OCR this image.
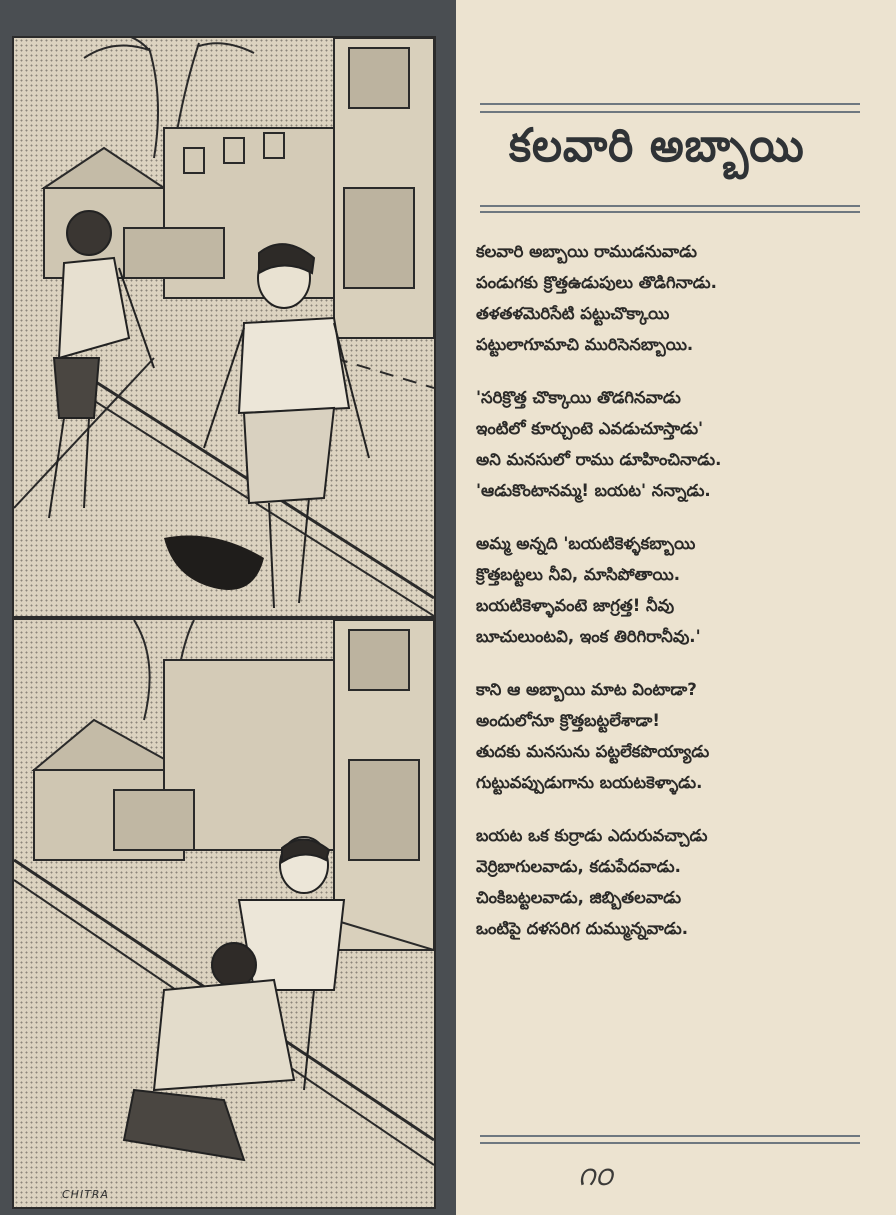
CHITRA
కలవారి అబ్బాయి
కలవారి అబ్బాయి రాముడనువాడు
పండుగకు క్రొత్తఉడుపులు తొడిగినాడు.
తళతళమెరిసేటి పట్టుచొక్కాయి
పట్టులాగూమాచి మురిసెనబ్బాయి.
'సరిక్రొత్త చొక్కాయి తొడగినవాడు
ఇంటిలో కూర్చుంటె ఎవడుచూస్తాడు'
అని మనసులో రాము డూహించినాడు.
'ఆడుకొంటానమ్మ! బయట' నన్నాడు.
అమ్మ అన్నది 'బయటికెళ్ళకబ్బాయి
క్రొత్తబట్టలు నీవి, మాసిపోతాయి.
బయటికెళ్ళావంటె జాగ్రత్త! నీవు
బూచులుంటవి, ఇంక తిరిగిరానీవు.'
కాని ఆ అబ్బాయి మాట వింటాడా?
అందులోనూ క్రొత్తబట్టలేశాడా!
తుదకు మనసును పట్టలేకపొయ్యాడు
గుట్టువప్పుడుగాను బయటకెళ్ళాడు.
బయట ఒక కుర్రాడు ఎదురువచ్చాడు
వెర్రిబాగులవాడు, కడుపేదవాడు.
చింకిబట్టలవాడు, జిబ్బితలవాడు
ఒంటిపై దళసరిగ దుమ్మున్నవాడు.
౧౦
